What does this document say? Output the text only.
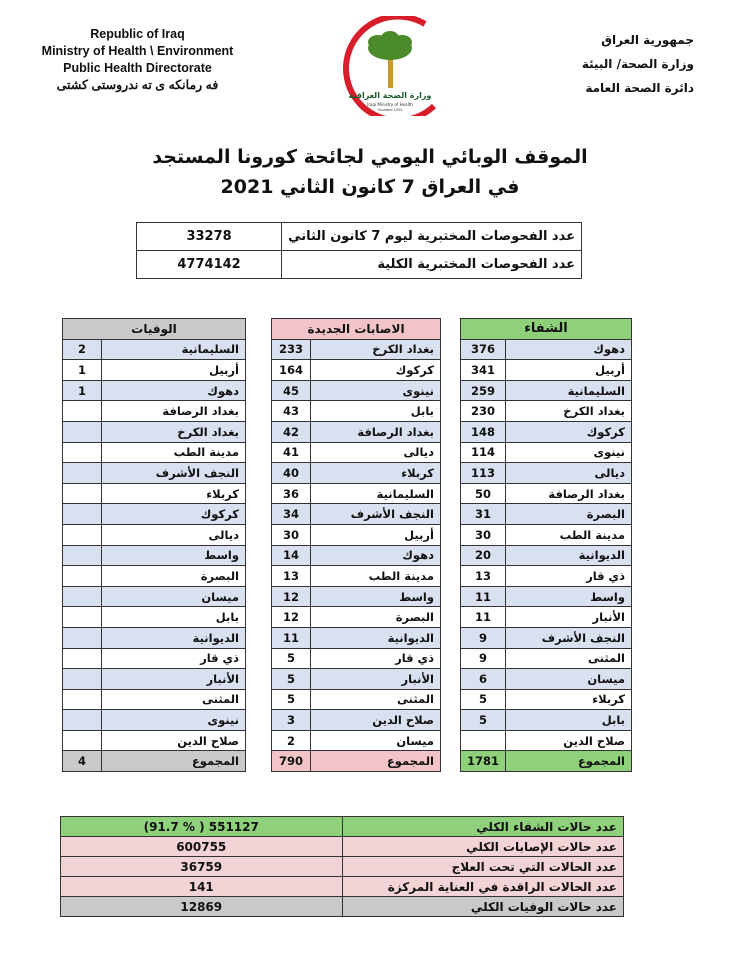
Republic of Iraq
Ministry of Health \ Environment
Public Health Directorate
فه رمانكه ى ته ندروستى كشتى
وزارة الصحة العراقية
Iraqi Ministry of Health
Founded 1920
جمهورية العراق
وزارة الصحة/ البيئة
دائرة الصحة العامة
الموقف الوبائي اليومي لجائحة كورونا المستجد
في العراق 7 كانون الثاني 2021
33278	عدد الفحوصات المختبرية ليوم 7 كانون الثاني
4774142	عدد الفحوصات المختبرية الكلية
الوفيات	
2	السليمانية
1	أربيل
1	دهوك
	بغداد الرصافة
	بغداد الكرخ
	مدينة الطب
	النجف الأشرف
	كربلاء
	كركوك
	ديالى
	واسط
	البصرة
	ميسان
	بابل
	الديوانية
	ذي قار
	الأنبار
	المثنى
	نينوى
	صلاح الدين
4	المجموع
الاصابات الجديدة	
233	بغداد الكرخ
164	كركوك
45	نينوى
43	بابل
42	بغداد الرصافة
41	ديالى
40	كربلاء
36	السليمانية
34	النجف الأشرف
30	أربيل
14	دهوك
13	مدينة الطب
12	واسط
12	البصرة
11	الديوانية
5	ذي قار
5	الأنبار
5	المثنى
3	صلاح الدين
2	ميسان
790	المجموع
الشفاء	
376	دهوك
341	أربيل
259	السليمانية
230	بغداد الكرخ
148	كركوك
114	نينوى
113	ديالى
50	بغداد الرصافة
31	البصرة
30	مدينة الطب
20	الديوانية
13	ذي قار
11	واسط
11	الأنبار
9	النجف الأشرف
9	المثنى
6	ميسان
5	كربلاء
5	بابل
	صلاح الدين
1781	المجموع
(91.7 % ) 551127	عدد حالات الشفاء الكلي
600755	عدد حالات الإصابات الكلي
36759	عدد الحالات التي تحت العلاج
141	عدد الحالات الراقدة في العناية المركزة
12869	عدد حالات الوفيات الكلي
